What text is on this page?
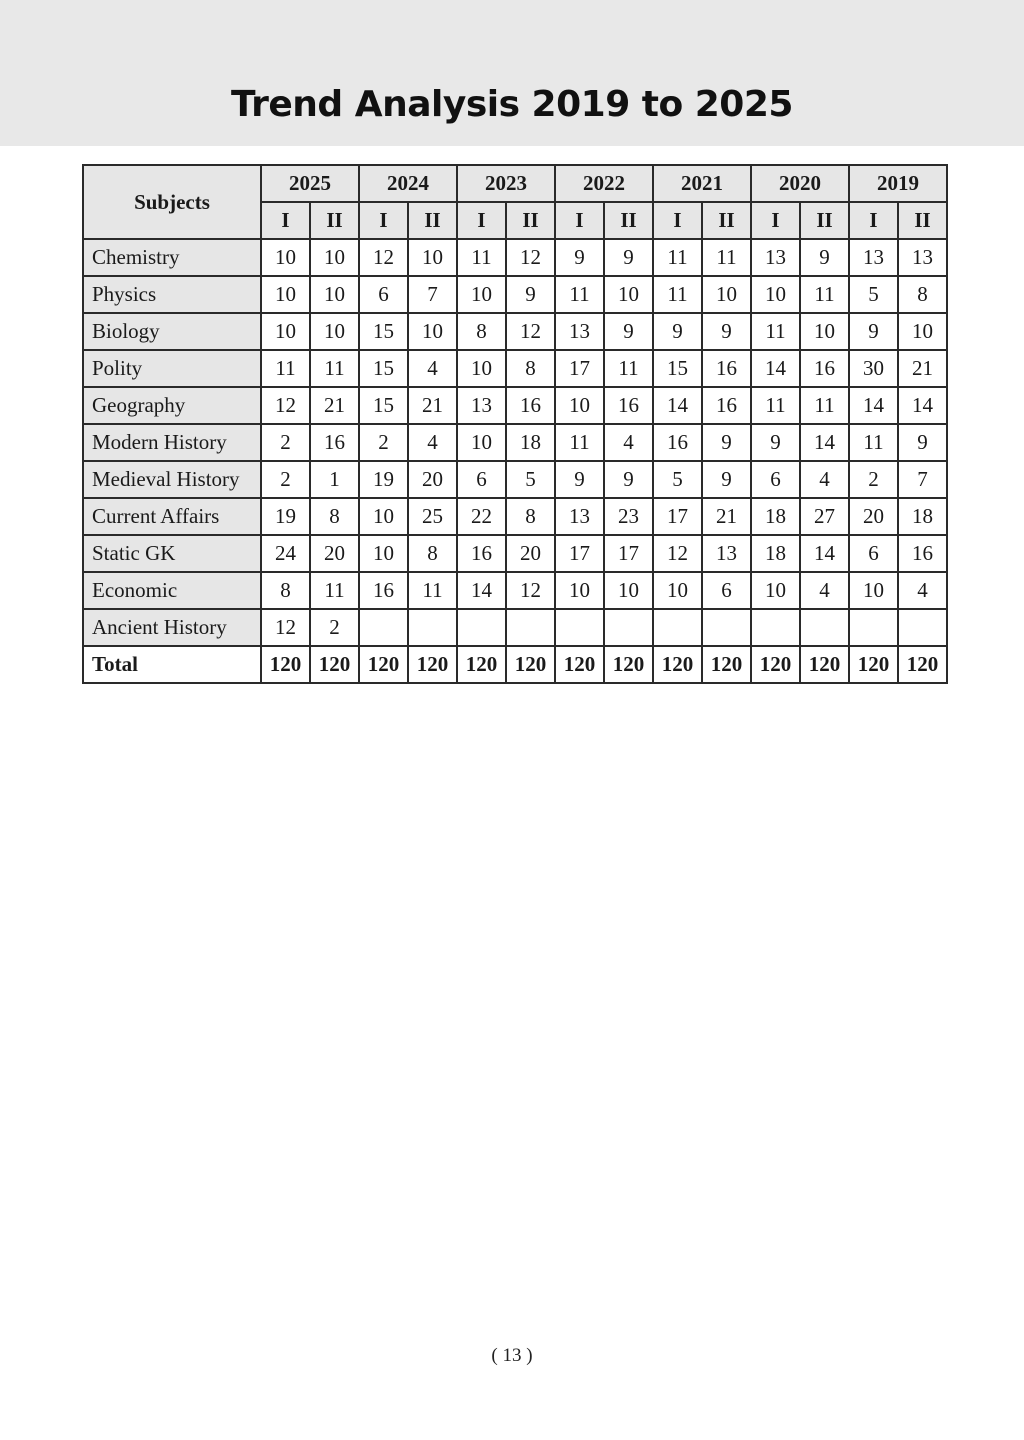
Trend Analysis 2019 to 2025
Subjects	2025		2024		2023		2022		2021		2020		2019	
	I	II	I	II	I	II	I	II	I	II	I	II	I	II
Chemistry	10	10	12	10	11	12	9	9	11	11	13	9	13	13
Physics	10	10	6	7	10	9	11	10	11	10	10	11	5	8
Biology	10	10	15	10	8	12	13	9	9	9	11	10	9	10
Polity	11	11	15	4	10	8	17	11	15	16	14	16	30	21
Geography	12	21	15	21	13	16	10	16	14	16	11	11	14	14
Modern History	2	16	2	4	10	18	11	4	16	9	9	14	11	9
Medieval History	2	1	19	20	6	5	9	9	5	9	6	4	2	7
Current Affairs	19	8	10	25	22	8	13	23	17	21	18	27	20	18
Static GK	24	20	10	8	16	20	17	17	12	13	18	14	6	16
Economic	8	11	16	11	14	12	10	10	10	6	10	4	10	4
Ancient History	12	2												
Total	120	120	120	120	120	120	120	120	120	120	120	120	120	120
( 13 )
